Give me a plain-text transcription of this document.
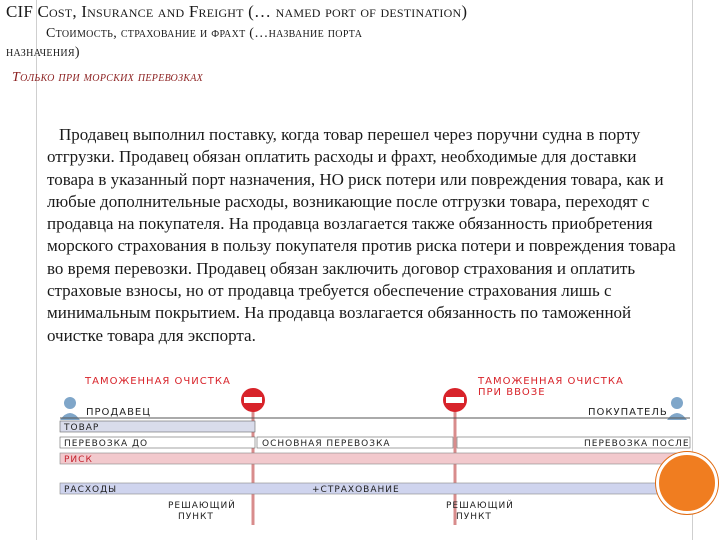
CIF Cost, Insurance and Freight (… named port of destination)
Стоимость, страхование и фрахт (…название порта
назначения)
Только при морских перевозках
Продавец выполнил поставку, когда товар перешел через поручни судна в порту отгрузки. Продавец обязан оплатить расходы и фрахт, необходимые для доставки товара в указанный порт назначения, НО риск потери или повреждения товара, как и любые дополнительные расходы, возникающие после отгрузки товара, переходят с продавца на покупателя. На продавца возлагается также обязанность приобретения морского страхования в пользу покупателя против риска потери и повреждения товара во время перевозки. Продавец обязан заключить договор страхования и оплатить страховые взносы, но от продавца требуется обеспечение страхования лишь с минимальным покрытием. На продавца возлагается обязанность по таможенной очистке товара для экспорта.
ТАМОЖЕННАЯ ОЧИСТКА	ТАМОЖЕННАЯ ОЧИСТКА
ПРИ ВВОЗЕ
ПРОДАВЕЦ	ПОКУПАТЕЛЬ
ТОВАР
ПЕРЕВОЗКА ДО	ОСНОВНАЯ ПЕРЕВОЗКА	ПЕРЕВОЗКА ПОСЛЕ
РИСК
РАСХОДЫ	+СТРАХОВАНИЕ
РЕШАЮЩИЙ
ПУНКТ
РЕШАЮЩИЙ
ПУНКТ
